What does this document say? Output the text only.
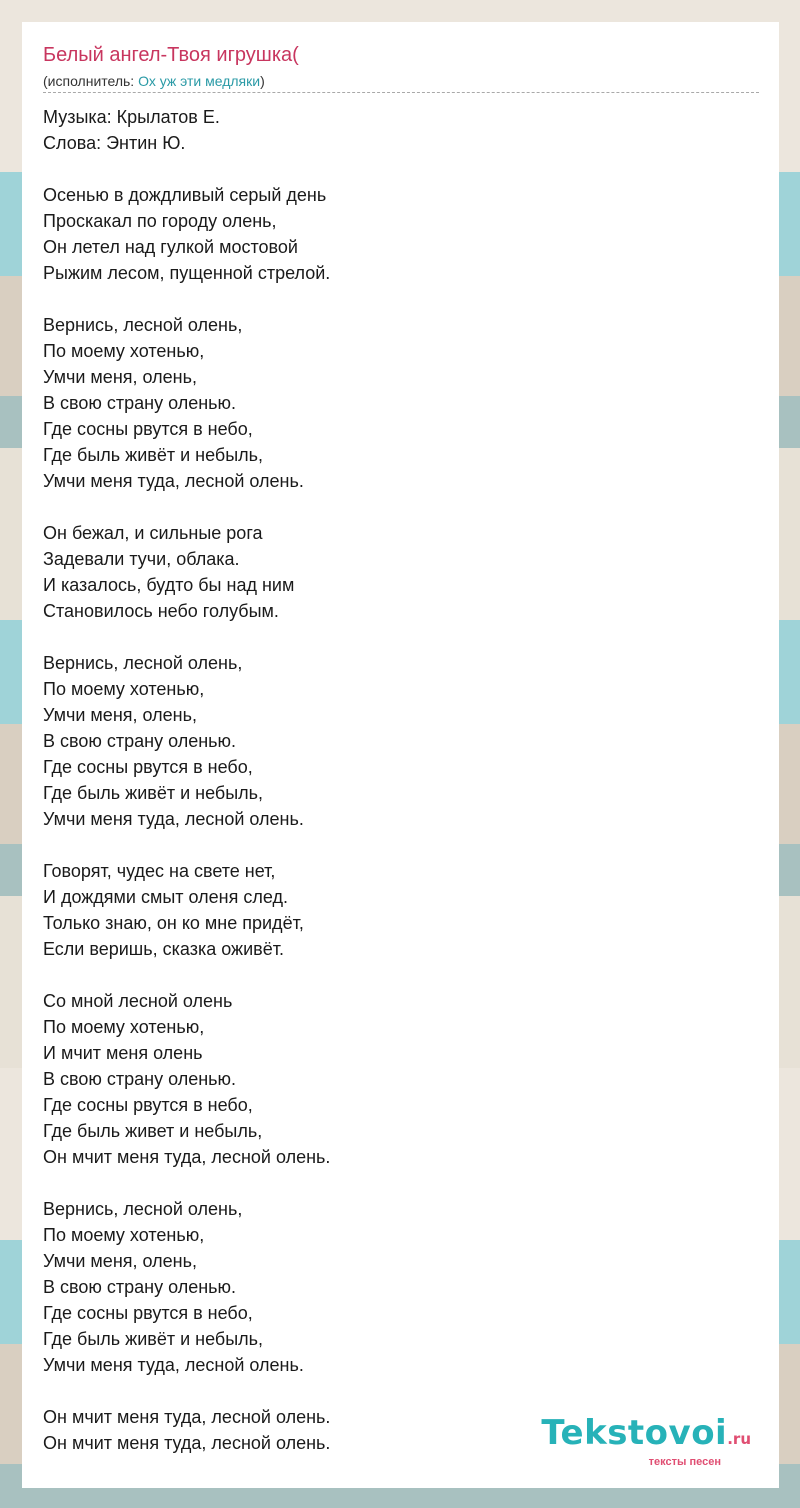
Белый ангел-Твоя игрушка(
(исполнитель: Ох уж эти медляки)
Музыка: Крылатов Е.
Слова: Энтин Ю.
Осенью в дождливый серый день
Проскакал по городу олень,
Он летел над гулкой мостовой
Рыжим лесом, пущенной стрелой.
Вернись, лесной олень,
По моему хотенью,
Умчи меня, олень,
В свою страну оленью.
Где сосны рвутся в небо,
Где быль живёт и небыль,
Умчи меня туда, лесной олень.
Он бежал, и сильные рога
Задевали тучи, облака.
И казалось, будто бы над ним
Становилось небо голубым.
Вернись, лесной олень,
По моему хотенью,
Умчи меня, олень,
В свою страну оленью.
Где сосны рвутся в небо,
Где быль живёт и небыль,
Умчи меня туда, лесной олень.
Говорят, чудес на свете нет,
И дождями смыт оленя след.
Только знаю, он ко мне придёт,
Если веришь, сказка оживёт.
Со мной лесной олень
По моему хотенью,
И мчит меня олень
В свою страну оленью.
Где сосны рвутся в небо,
Где быль живет и небыль,
Он мчит меня туда, лесной олень.
Вернись, лесной олень,
По моему хотенью,
Умчи меня, олень,
В свою страну оленью.
Где сосны рвутся в небо,
Где быль живёт и небыль,
Умчи меня туда, лесной олень.
Он мчит меня туда, лесной олень.
Он мчит меня туда, лесной олень.	Tekstovoi.ru
тексты песен
